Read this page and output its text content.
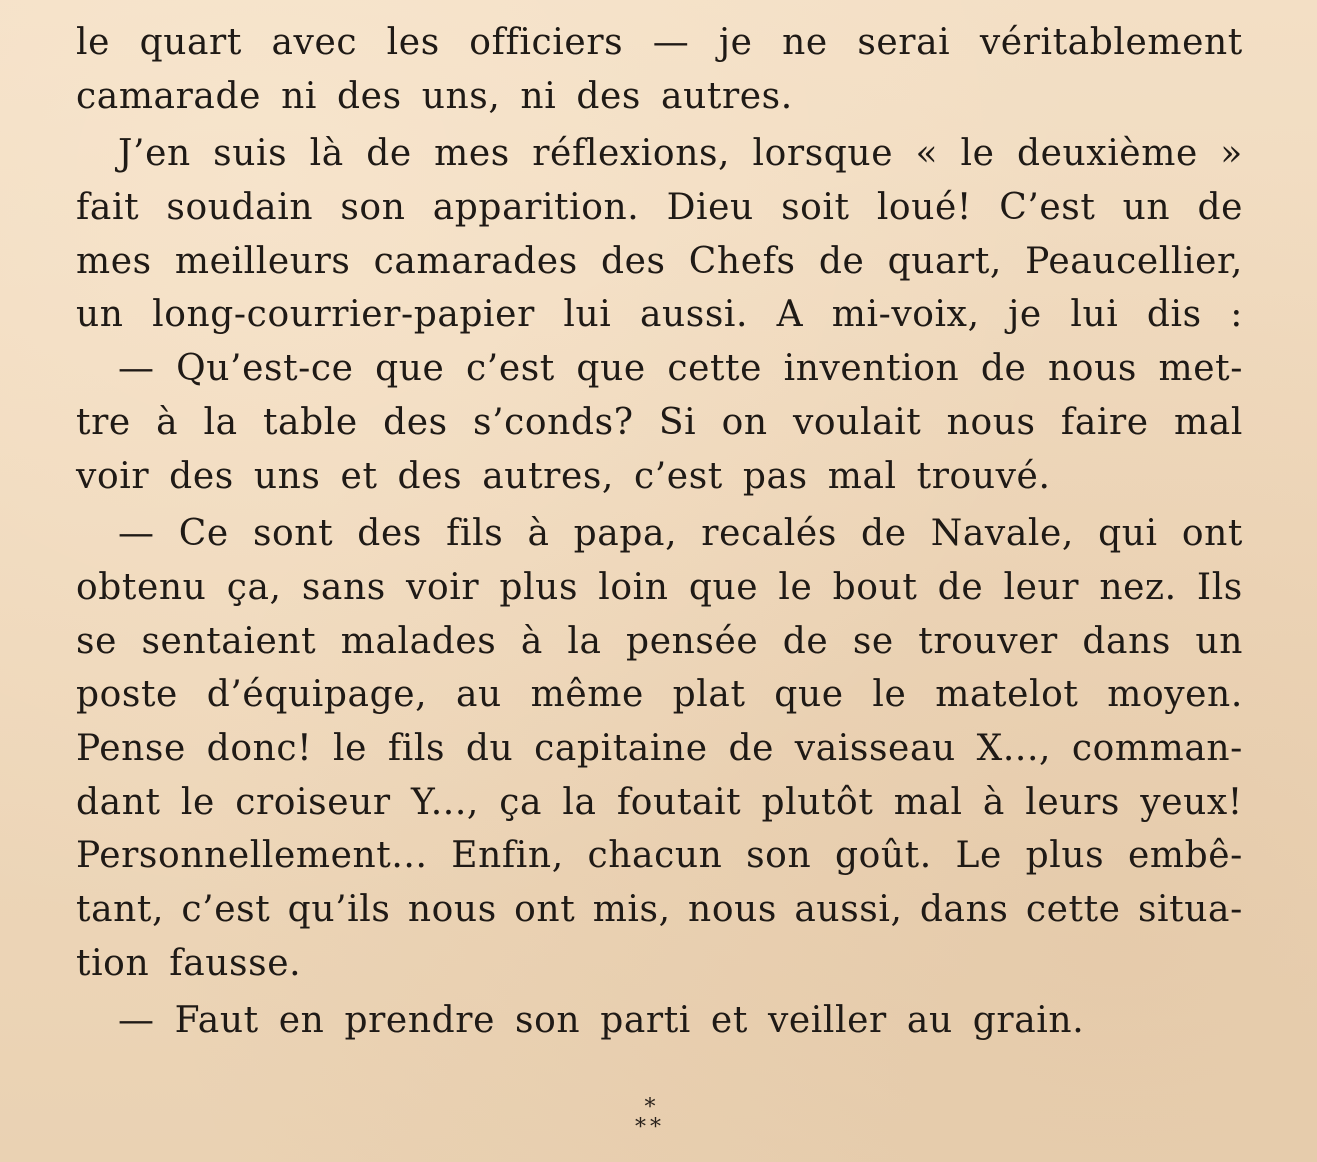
le quart avec les officiers — je ne serai véritablement
camarade ni des uns, ni des autres.
J’en suis là de mes réflexions, lorsque « le deuxième »
fait soudain son apparition. Dieu soit loué! C’est un de
mes meilleurs camarades des Chefs de quart, Peaucellier,
un long-courrier-papier lui aussi. A mi-voix, je lui dis :
— Qu’est-ce que c’est que cette invention de nous met-
tre à la table des s’conds? Si on voulait nous faire mal
voir des uns et des autres, c’est pas mal trouvé.
— Ce sont des fils à papa, recalés de Navale, qui ont
obtenu ça, sans voir plus loin que le bout de leur nez. Ils
se sentaient malades à la pensée de se trouver dans un
poste d’équipage, au même plat que le matelot moyen.
Pense donc! le fils du capitaine de vaisseau X..., comman-
dant le croiseur Y..., ça la foutait plutôt mal à leurs yeux!
Personnellement... Enfin, chacun son goût. Le plus embê-
tant, c’est qu’ils nous ont mis, nous aussi, dans cette situa-
tion fausse.
— Faut en prendre son parti et veiller au grain.
*
**
